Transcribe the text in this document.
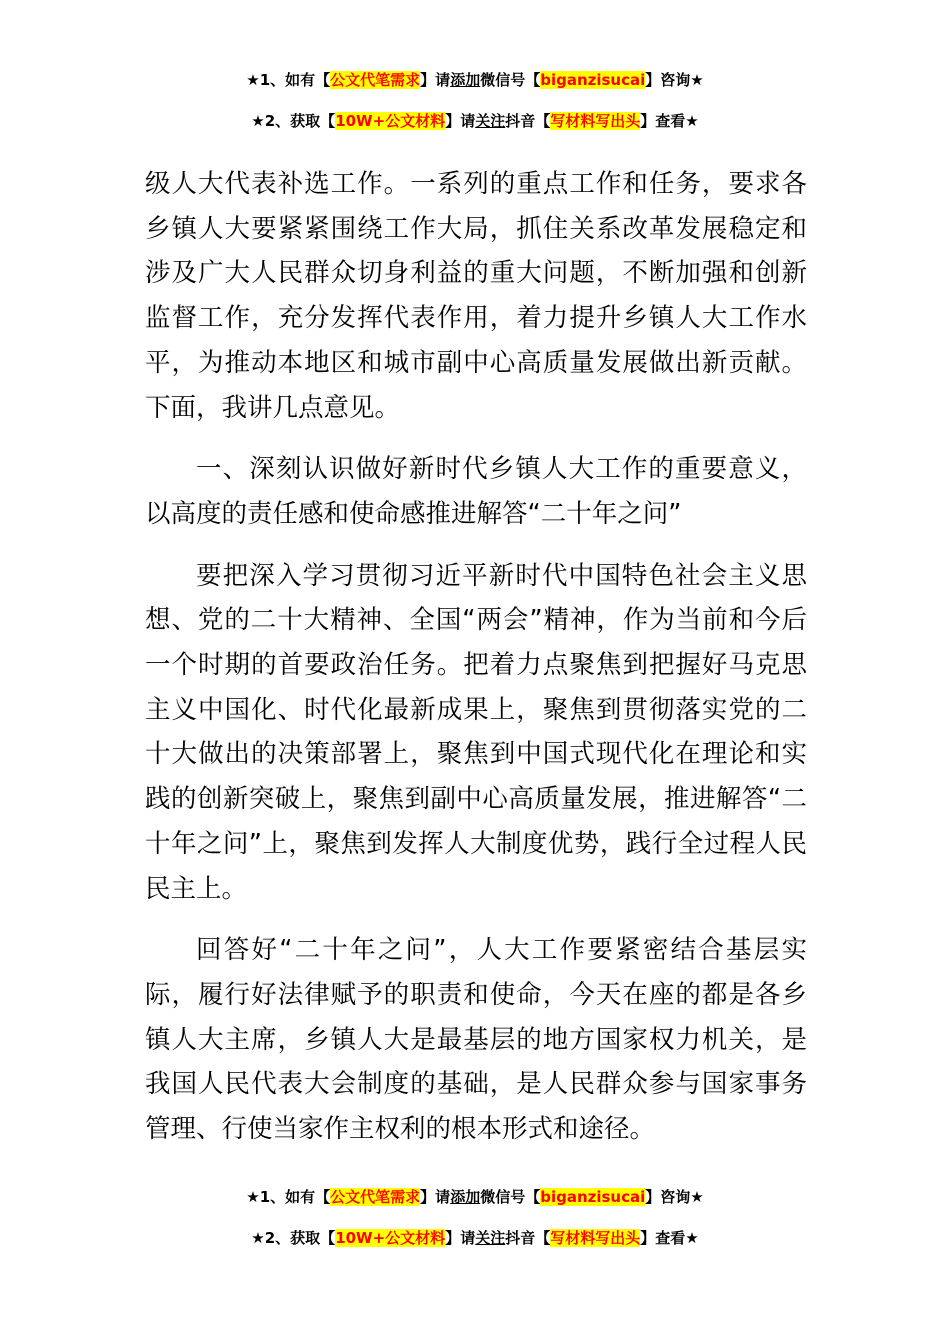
★1、如有【公文代笔需求】请添加微信号【biganzisucai】咨询★
★2、获取【10W+公文材料】请关注抖音【写材料写出头】查看★

级人大代表补选工作。一系列的重点工作和任务，要求各乡镇人大要紧紧围绕工作大局，抓住关系改革发展稳定和涉及广大人民群众切身利益的重大问题，不断加强和创新监督工作，充分发挥代表作用，着力提升乡镇人大工作水平，为推动本地区和城市副中心高质量发展做出新贡献。下面，我讲几点意见。

一、深刻认识做好新时代乡镇人大工作的重要意义，以高度的责任感和使命感推进解答“二十年之问”

要把深入学习贯彻习近平新时代中国特色社会主义思想、党的二十大精神、全国“两会”精神，作为当前和今后一个时期的首要政治任务。把着力点聚焦到把握好马克思主义中国化、时代化最新成果上，聚焦到贯彻落实党的二十大做出的决策部署上，聚焦到中国式现代化在理论和实践的创新突破上，聚焦到副中心高质量发展，推进解答“二十年之问”上，聚焦到发挥人大制度优势，践行全过程人民民主上。

回答好“二十年之问”，人大工作要紧密结合基层实际，履行好法律赋予的职责和使命，今天在座的都是各乡镇人大主席，乡镇人大是最基层的地方国家权力机关，是我国人民代表大会制度的基础，是人民群众参与国家事务管理、行使当家作主权利的根本形式和途径。

★1、如有【公文代笔需求】请添加微信号【biganzisucai】咨询★
★2、获取【10W+公文材料】请关注抖音【写材料写出头】查看★
